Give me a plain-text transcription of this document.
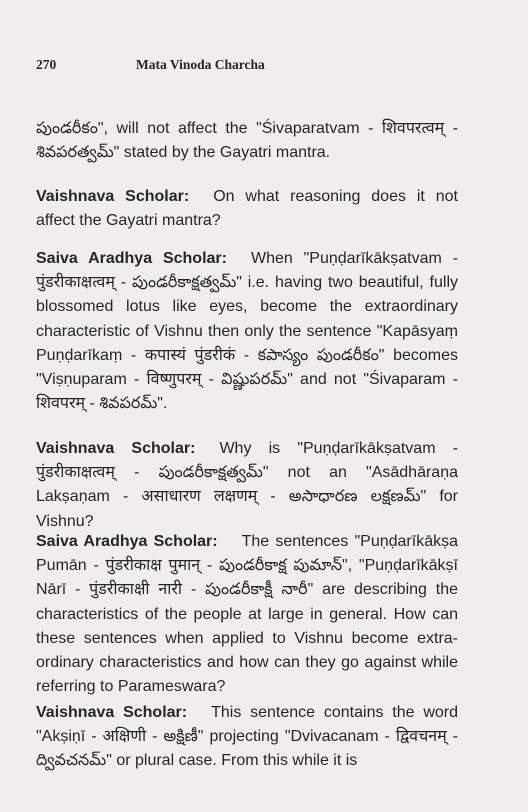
270	Mata Vinoda Charcha

పుండరీకం", will not affect the "Śivaparatvam - शिवपरत्वम् - శివపరత్వమ్" stated by the Gayatri mantra.

Vaishnava Scholar: On what reasoning does it not affect the Gayatri mantra?

Saiva Aradhya Scholar: When "Puṇḍarīkākṣatvam - पुंडरीकाक्षत्वम् - పుండరీకాక్షత్వమ్" i.e. having two beautiful, fully blossomed lotus like eyes, become the extraordinary characteristic of Vishnu then only the sentence "Kapāsyaṃ Puṇḍarīkaṃ - कपास्यं पुंडरीकं - కపాస్యం పుండరీకం" becomes "Viṣṇuparam - विष्णुपरम् - విష్ణుపరమ్" and not "Śivaparam - शिवपरम् - శివపరమ్".

Vaishnava Scholar: Why is "Puṇḍarīkākṣatvam - पुंडरीकाक्षत्वम् - పుండరీకాక్షత్వమ్" not an "Asādhāraṇa Lakṣaṇam - असाधारण लक्षणम् - అసాధారణ లక్షణమ్" for Vishnu?

Saiva Aradhya Scholar: The sentences "Puṇḍarīkākṣa Pumān - पुंडरीकाक्ष पुमान् - పుండరీకాక్ష పుమాన్", "Puṇḍarīkākṣī Nārī - पुंडरीकाक्षी नारी - పుండరీకాక్షీ నారీ" are describing the characteristics of the people at large in general. How can these sentences when applied to Vishnu become extra-ordinary characteristics and how can they go against while referring to Parameswara?

Vaishnava Scholar: This sentence contains the word "Akṣiṇī - अक्षिणी - అక్షిణీ" projecting "Dvivacanam - द्विवचनम् - ద్వివచనమ్" or plural case. From this while it is
